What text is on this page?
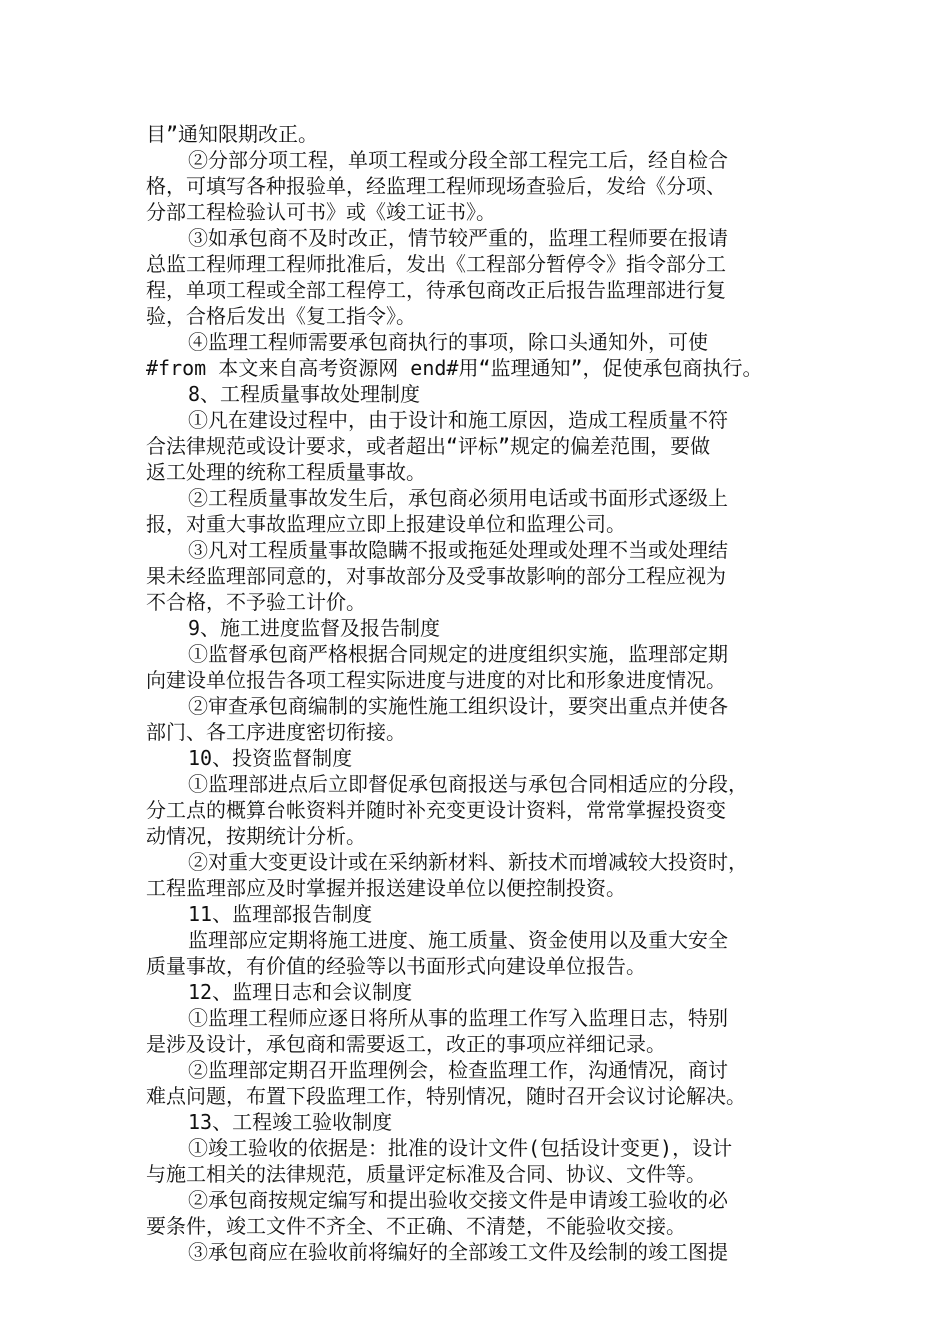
目”通知限期改正。
②分部分项工程，单项工程或分段全部工程完工后，经自检合
格，可填写各种报验单，经监理工程师现场查验后，发给《分项、
分部工程检验认可书》或《竣工证书》。
③如承包商不及时改正，情节较严重的，监理工程师要在报请
总监工程师理工程师批准后，发出《工程部分暂停令》指令部分工
程，单项工程或全部工程停工，待承包商改正后报告监理部进行复
验，合格后发出《复工指令》。
④监理工程师需要承包商执行的事项，除口头通知外，可使
#from 本文来自高考资源网 end#用“监理通知”，促使承包商执行。
8、工程质量事故处理制度
①凡在建设过程中，由于设计和施工原因，造成工程质量不符
合法律规范或设计要求，或者超出“评标”规定的偏差范围，要做
返工处理的统称工程质量事故。
②工程质量事故发生后，承包商必须用电话或书面形式逐级上
报，对重大事故监理应立即上报建设单位和监理公司。
③凡对工程质量事故隐瞒不报或拖延处理或处理不当或处理结
果未经监理部同意的，对事故部分及受事故影响的部分工程应视为
不合格，不予验工计价。
9、施工进度监督及报告制度
①监督承包商严格根据合同规定的进度组织实施，监理部定期
向建设单位报告各项工程实际进度与进度的对比和形象进度情况。
②审查承包商编制的实施性施工组织设计，要突出重点并使各
部门、各工序进度密切衔接。
10、投资监督制度
①监理部进点后立即督促承包商报送与承包合同相适应的分段，
分工点的概算台帐资料并随时补充变更设计资料，常常掌握投资变
动情况，按期统计分析。
②对重大变更设计或在采纳新材料、新技术而增减较大投资时，
工程监理部应及时掌握并报送建设单位以便控制投资。
11、监理部报告制度
监理部应定期将施工进度、施工质量、资金使用以及重大安全
质量事故，有价值的经验等以书面形式向建设单位报告。
12、监理日志和会议制度
①监理工程师应逐日将所从事的监理工作写入监理日志，特别
是涉及设计，承包商和需要返工，改正的事项应祥细记录。
②监理部定期召开监理例会，检查监理工作，沟通情况，商讨
难点问题，布置下段监理工作，特别情况，随时召开会议讨论解决。
13、工程竣工验收制度
①竣工验收的依据是：批准的设计文件(包括设计变更)，设计
与施工相关的法律规范，质量评定标准及合同、协议、文件等。
②承包商按规定编写和提出验收交接文件是申请竣工验收的必
要条件，竣工文件不齐全、不正确、不清楚，不能验收交接。
③承包商应在验收前将编好的全部竣工文件及绘制的竣工图提
